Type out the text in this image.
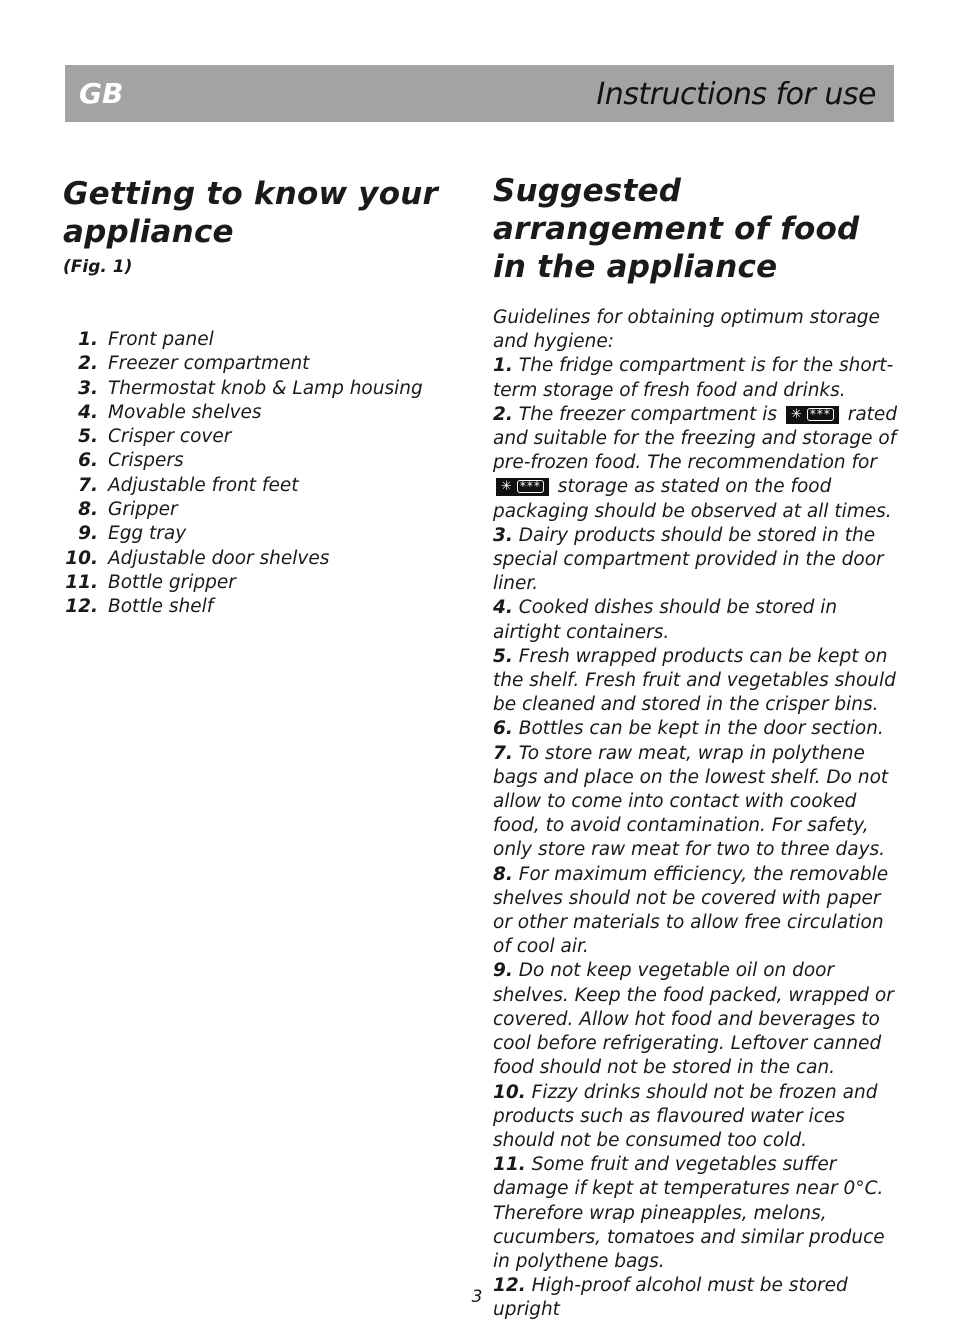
GB	Instructions for use
Getting to know your appliance
(Fig. 1)
1. Front panel
2. Freezer compartment
3. Thermostat knob & Lamp housing
4. Movable shelves
5. Crisper cover
6. Crispers
7. Adjustable front feet
8. Gripper
9. Egg tray
10. Adjustable door shelves
11. Bottle gripper
12. Bottle shelf
Suggested arrangement of food in the appliance

Guidelines for obtaining optimum storage and hygiene:

1. The fridge compartment is for the short-term storage of fresh food and drinks.

2. The freezer compartment is ✳ *** rated and suitable for the freezing and storage of pre-frozen food. The recommendation for ✳ *** storage as stated on the food packaging should be observed at all times.

3. Dairy products should be stored in the special compartment provided in the door liner.

4. Cooked dishes should be stored in airtight containers.

5. Fresh wrapped products can be kept on the shelf. Fresh fruit and vegetables should be cleaned and stored in the crisper bins.

6. Bottles can be kept in the door section.

7. To store raw meat, wrap in polythene bags and place on the lowest shelf. Do not allow to come into contact with cooked food, to avoid contamination. For safety, only store raw meat for two to three days.

8. For maximum efficiency, the removable shelves should not be covered with paper or other materials to allow free circulation of cool air.

9. Do not keep vegetable oil on door shelves. Keep the food packed, wrapped or covered. Allow hot food and beverages to cool before refrigerating. Leftover canned food should not be stored in the can.

10. Fizzy drinks should not be frozen and products such as flavoured water ices should not be consumed too cold.

11. Some fruit and vegetables suffer damage if kept at temperatures near 0°C. Therefore wrap pineapples, melons, cucumbers, tomatoes and similar produce in polythene bags.

12. High-proof alcohol must be stored upright

3
